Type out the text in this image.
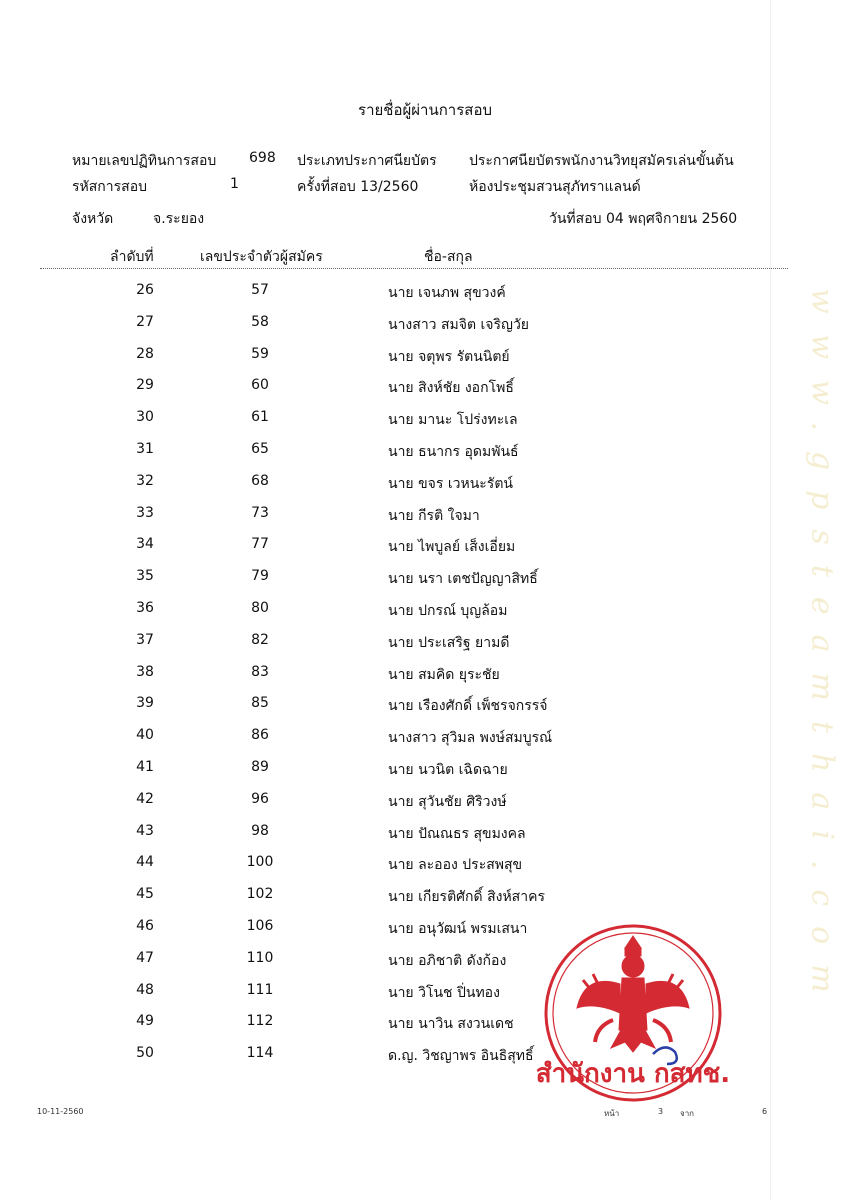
รายชื่อผู้ผ่านการสอบ
หมายเลขปฏิทินการสอบ 698
รหัสการสอบ	1
ประเภทประกาศนียบัตร
ครั้งที่สอบ 13/2560
ประกาศนียบัตรพนักงานวิทยุสมัครเล่นขั้นต้น
ห้องประชุมสวนสุภัทราแลนด์
จังหวัด	จ.ระยอง	วันที่สอบ 04 พฤศจิกายน 2560
ลำดับที่	เลขประจำตัวผู้สมัคร	ชื่อ-สกุล
26	57	นาย เจนภพ สุขวงค์
27	58	นางสาว สมจิต เจริญวัย
28	59	นาย จตุพร รัตนนิตย์
29	60	นาย สิงห์ชัย งอกโพธิ์
30	61	นาย มานะ โปร่งทะเล
31	65	นาย ธนากร อุดมพันธ์
32	68	นาย ขจร เวหนะรัตน์
33	73	นาย กีรติ ใจมา
34	77	นาย ไพบูลย์ เส็งเอี่ยม
35	79	นาย นรา เตชปัญญาสิทธิ์
36	80	นาย ปกรณ์ บุญล้อม
37	82	นาย ประเสริฐ ยามดี
38	83	นาย สมคิด ยุระชัย
39	85	นาย เรืองศักดิ์ เพ็ชรจกรรจ์
40	86	นางสาว สุวิมล พงษ์สมบูรณ์
41	89	นาย นวนิต เฉิดฉาย
42	96	นาย สุวันชัย ศิริวงษ์
43	98	นาย ปัณณธร สุขมงคล
44	100	นาย ละออง ประสพสุข
45	102	นาย เกียรติศักดิ์ สิงห์สาคร
46	106	นาย อนุวัฒน์ พรมเสนา
47	110	นาย อภิชาติ ดังก้อง
48	111	นาย วิโนช ปิ่นทอง
49	112	นาย นาวิน สงวนเดช
50	114	ด.ญ. วิชญาพร อินธิสุทธิ์
10-11-2560	หน้า	3 จาก	6
www.gpsteamthai.com
สำนักงาน กสทช.
